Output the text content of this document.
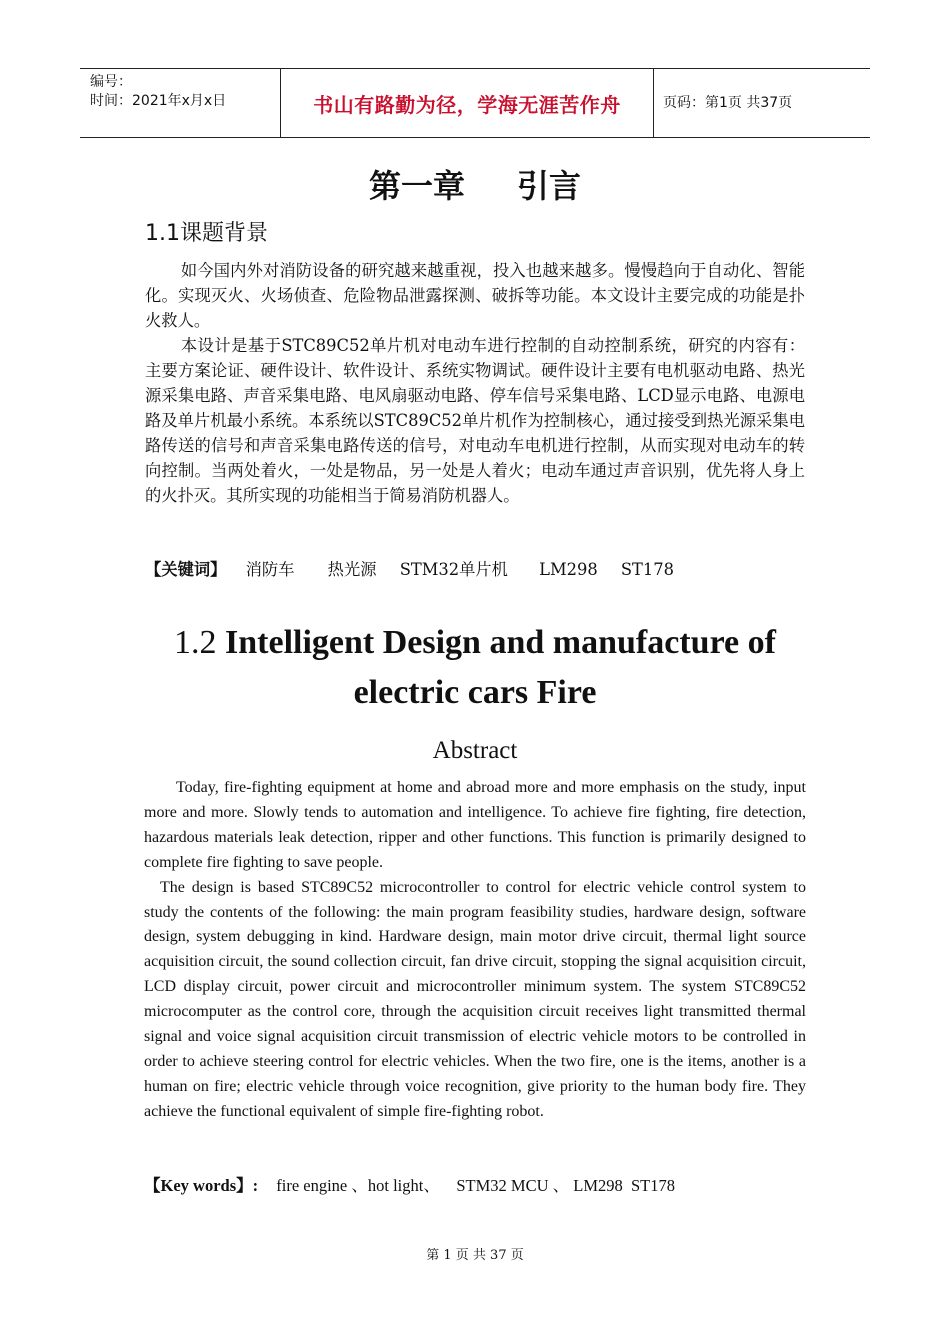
编号：
时间：2021年x月x日	书山有路勤为径，学海无涯苦作舟	页码：第1页 共37页
第一章 引言
1.1课题背景

如今国内外对消防设备的研究越来越重视，投入也越来越多。慢慢趋向于自动化、智能化。实现灭火、火场侦查、危险物品泄露探测、破拆等功能。本文设计主要完成的功能是扑火救人。

本设计是基于STC89C52单片机对电动车进行控制的自动控制系统，研究的内容有：主要方案论证、硬件设计、软件设计、系统实物调试。硬件设计主要有电机驱动电路、热光源采集电路、声音采集电路、电风扇驱动电路、停车信号采集电路、LCD显示电路、电源电路及单片机最小系统。本系统以STC89C52单片机作为控制核心，通过接受到热光源采集电路传送的信号和声音采集电路传送的信号，对电动车电机进行控制，从而实现对电动车的转向控制。当两处着火，一处是物品，另一处是人着火；电动车通过声音识别，优先将人身上的火扑灭。其所实现的功能相当于简易消防机器人。

【关键词】 消防车 热光源 STM32单片机 LM298 ST178
1.2 Intelligent Design and manufacture of
electric cars Fire
Abstract

Today, fire-fighting equipment at home and abroad more and more emphasis on the study, input more and more. Slowly tends to automation and intelligence. To achieve fire fighting, fire detection, hazardous materials leak detection, ripper and other functions. This function is primarily designed to complete fire fighting to save people.

The design is based STC89C52 microcontroller to control for electric vehicle control system to study the contents of the following: the main program feasibility studies, hardware design, software design, system debugging in kind. Hardware design, main motor drive circuit, thermal light source acquisition circuit, the sound collection circuit, fan drive circuit, stopping the signal acquisition circuit, LCD display circuit, power circuit and microcontroller minimum system. The system STC89C52 microcomputer as the control core, through the acquisition circuit receives light transmitted thermal signal and voice signal acquisition circuit transmission of electric vehicle motors to be controlled in order to achieve steering control for electric vehicles. When the two fire, one is the items, another is a human on fire; electric vehicle through voice recognition, give priority to the human body fire. They achieve the functional equivalent of simple fire-fighting robot.

【Key words】: fire engine 、hot light、    STM32 MCU 、 LM298  ST178
第 1 页 共 37 页
